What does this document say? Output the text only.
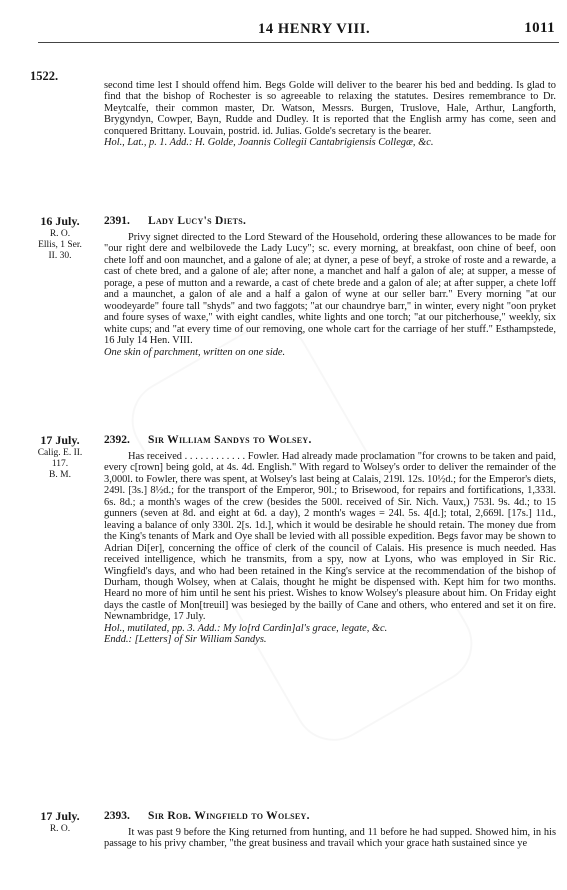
14 HENRY VIII.	1011
1522.

second time lest I should offend him. Begs Golde will deliver to the bearer his bed and bedding. Is glad to find that the bishop of Rochester is so agreeable to relaxing the statutes. Desires remembrance to Dr. Meytcalfe, their common master, Dr. Watson, Messrs. Burgen, Truslove, Hale, Arthur, Langforth, Brygyndyn, Cowper, Bayn, Rudde and Dudley. It is reported that the English army has come, seen and conquered Brittany. Louvain, postrid. id. Julias. Golde's secretary is the bearer.

Hol., Lat., p. 1. Add.: H. Golde, Joannis Collegii Cantabrigiensis Collegæ, &c.

16 July.
R. O.
Ellis, 1 Ser.
II. 30.
2391. Lady Lucy's Diets.

Privy signet directed to the Lord Steward of the Household, ordering these allowances to be made for "our right dere and welbilovede the Lady Lucy"; sc. every morning, at breakfast, oon chine of beef, oon chete loff and oon maunchet, and a galone of ale; at dyner, a pese of beyf, a stroke of roste and a rewarde, a cast of chete bred, and a galone of ale; after none, a manchet and half a galon of ale; at supper, a messe of porage, a pese of mutton and a rewarde, a cast of chete brede and a galon of ale; at after supper, a chete loff and a maunchet, a galon of ale and a half a galon of wyne at our seller barr." Every morning "at our woodeyarde" foure tall "shyds" and two faggots; "at our chaundrye barr," in winter, every night "oon pryket and foure syses of waxe," with eight candles, white lights and one torch; "at our pitcherhouse," weekly, six white cups; and "at every time of our removing, one whole cart for the carriage of her stuff." Esthampstede, 16 July 14 Hen. VIII.

One skin of parchment, written on one side.

17 July.
Calig. E. II.
117.
B. M.
2392. Sir William Sandys to Wolsey.

Has received . . . . . . . . . . . . Fowler. Had already made proclamation "for crowns to be taken and paid, every c[rown] being gold, at 4s. 4d. English." With regard to Wolsey's order to deliver the remainder of the 3,000l. to Fowler, there was spent, at Wolsey's last being at Calais, 219l. 12s. 10½d.; for the Emperor's diets, 249l. [3s.] 8½d.; for the transport of the Emperor, 90l.; to Brisewood, for repairs and fortifications, 1,333l. 6s. 8d.; a month's wages of the crew (besides the 500l. received of Sir. Nich. Vaux,) 753l. 9s. 4d.; to 15 gunners (seven at 8d. and eight at 6d. a day), 2 month's wages = 24l. 5s. 4[d.]; total, 2,669l. [17s.] 11d., leaving a balance of only 330l. 2[s. 1d.], which it would be desirable he should retain. The money due from the King's tenants of Mark and Oye shall be levied with all possible expedition. Begs favor may be shown to Adrian Di[er], concerning the office of clerk of the council of Calais. His presence is much needed. Has received intelligence, which he transmits, from a spy, now at Lyons, who was employed in Sir Ric. Wingfield's days, and who had been retained in the King's service at the recommendation of the bishop of Durham, though Wolsey, when at Calais, thought he might be dispensed with. Kept him for two months. Heard no more of him until he sent his priest. Wishes to know Wolsey's pleasure about him. On Friday eight days the castle of Mon[treuil] was besieged by the bailly of Cane and others, who entered and set it on fire. Newnambridge, 17 July.

Hol., mutilated, pp. 3. Add.: My lo[rd Cardin]al's grace, legate, &c.

Endd.: [Letters] of Sir William Sandys.

17 July.
R. O.
2393. Sir Rob. Wingfield to Wolsey.

It was past 9 before the King returned from hunting, and 11 before he had supped. Showed him, in his passage to his privy chamber, "the great business and travail which your grace hath sustained since ye
